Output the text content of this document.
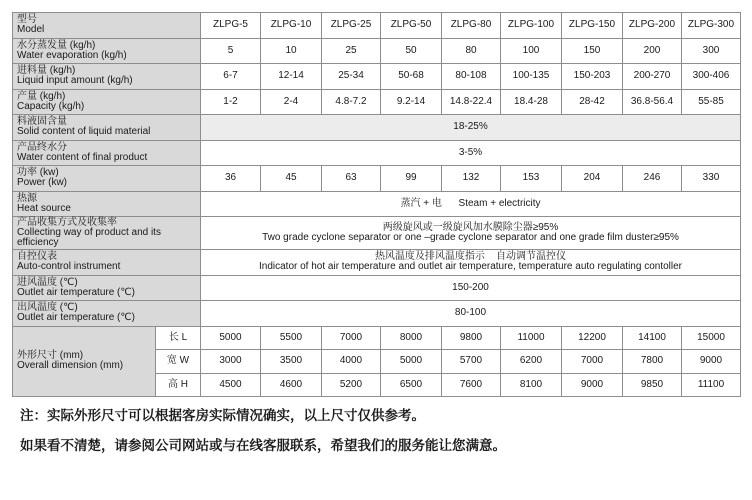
型号
Model		ZLPG-5	ZLPG-10	ZLPG-25	ZLPG-50	ZLPG-80	ZLPG-100	ZLPG-150	ZLPG-200	ZLPG-300

水分蒸发量 (kg/h)
Water evaporation (kg/h)		5	10	25	50	80	100	150	200	300

进料量 (kg/h)
Liquid input amount (kg/h)		6-7	12-14	25-34	50-68	80-108	100-135	150-203	200-270	300-406

产量 (kg/h)
Capacity (kg/h)		1-2	2-4	4.8-7.2	9.2-14	14.8-22.4	18.4-28	28-42	36.8-56.4	55-85

料液固含量
Solid content of liquid material		18-25%								

产品终水分
Water content of final product		3-5%								

功率 (kw)
Power (kw)		36	45	63	99	132	153	204	246	330

热源
Heat source		蒸汽 + 电      Steam + electricity								

产品收集方式及收集率
Collecting way of product and its
efficiency		两级旋风或一级旋风加水膜除尘器≥95%
Two grade cyclone separator or one –grade cyclone separator and one grade film duster≥95%								

自控仪表
Auto-control instrument		热风温度及排风温度指示    自动调节温控仪
Indicator of hot air temperature and outlet air temperature, temperature auto regulating contoller								

进风温度 (℃)
Outlet air temperature (℃)		150-200								

出风温度 (℃)
Outlet air temperature (℃)		80-100								

外形尺寸 (mm)
Overall dimension (mm)	长 L	5000	5500	7000	8000	9800	11000	12200	14100	15000
	宽 W	3000	3500	4000	5000	5700	6200	7000	7800	9000
	高 H	4500	4600	5200	6500	7600	8100	9000	9850	11100
注：实际外形尺寸可以根据客房实际情况确实，以上尺寸仅供参考。
如果看不清楚，请参阅公司网站或与在线客服联系，希望我们的服务能让您满意。
